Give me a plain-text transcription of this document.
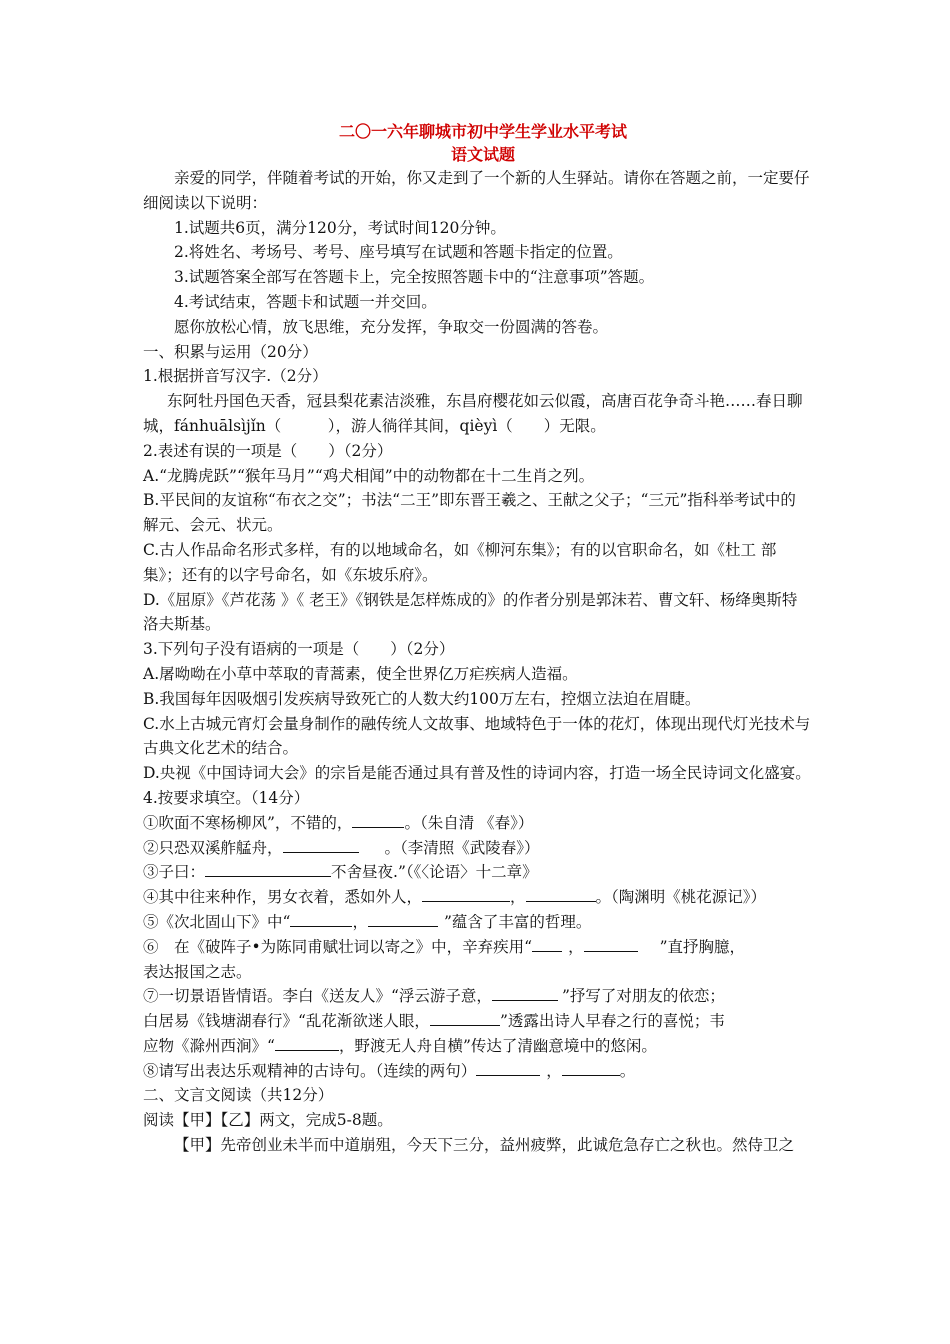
二〇一六年聊城市初中学生学业水平考试
语文试题
亲爱的同学，伴随着考试的开始，你又走到了一个新的人生驿站。请你在答题之前，一定要仔细阅读以下说明：
1.试题共6页，满分120分，考试时间120分钟。
2.将姓名、考场号、考号、座号填写在试题和答题卡指定的位置。
3.试题答案全部写在答题卡上，完全按照答题卡中的“注意事项”答题。
4.考试结束，答题卡和试题一并交回。
愿你放松心情，放飞思维，充分发挥，争取交一份圆满的答卷。
一、积累与运用（20分）
1.根据拼音写汉字.（2分）
东阿牡丹国色天香，冠县梨花素洁淡雅，东昌府樱花如云似霞，高唐百花争奇斗艳……春日聊城，fánhuālsìjǐn（　　　），游人徜徉其间，qièyì（　　）无限。
2.表述有误的一项是（　　）（2分）
A.“龙腾虎跃”“猴年马月”“鸡犬相闻”中的动物都在十二生肖之列。
B.平民间的友谊称“布衣之交”；书法“二王”即东晋王羲之、王献之父子；“三元”指科举考试中的解元、会元、状元。
C.古人作品命名形式多样，有的以地域命名，如《柳河东集》；有的以官职命名，如《杜工 部集》；还有的以字号命名，如《东坡乐府》。
D.《屈原》《芦花荡 》《 老王》《钢铁是怎样炼成的》的作者分别是郭沫若、曹文轩、杨绛奥斯特洛夫斯基。
3.下列句子没有语病的一项是（　　）（2分）
A.屠呦呦在小草中萃取的青蒿素，使全世界亿万疟疾病人造福。
B.我国每年因吸烟引发疾病导致死亡的人数大约100万左右，控烟立法迫在眉睫。
C.水上古城元宵灯会量身制作的融传统人文故事、地域特色于一体的花灯，体现出现代灯光技术与古典文化艺术的结合。
D.央视《中国诗词大会》的宗旨是能否通过具有普及性的诗词内容，打造一场全民诗词文化盛宴。
4.按要求填空。（14分）
①吹面不寒杨柳风”，不错的，	。（朱自清 《春》）
②只恐双溪舴艋舟，	。（李清照《武陵春》）
③子曰：	不舍昼夜.”（《〈论语〉十二章》
④其中往来种作，男女衣着，悉如外人，	，	。（陶渊明《桃花源记》）
⑤《次北固山下》中“	，	”蕴含了丰富的哲理。
⑥　在《破阵子•为陈同甫赋壮词以寄之》中，辛弃疾用“ ，	”直抒胸臆，
表达报国之志。
⑦一切景语皆情语。李白《送友人》“浮云游子意，	”抒写了对朋友的依恋；
白居易《钱塘湖春行》“乱花渐欲迷人眼，	”透露出诗人早春之行的喜悦；韦
应物《滁州西涧》“	，野渡无人舟自横”传达了清幽意境中的悠闲。
⑧请写出表达乐观精神的古诗句。（连续的两句）	，	。
二、文言文阅读（共12分）
阅读【甲】【乙】两文，完成5-8题。
【甲】先帝创业未半而中道崩殂，今天下三分，益州疲弊，此诚危急存亡之秋也。然侍卫之
